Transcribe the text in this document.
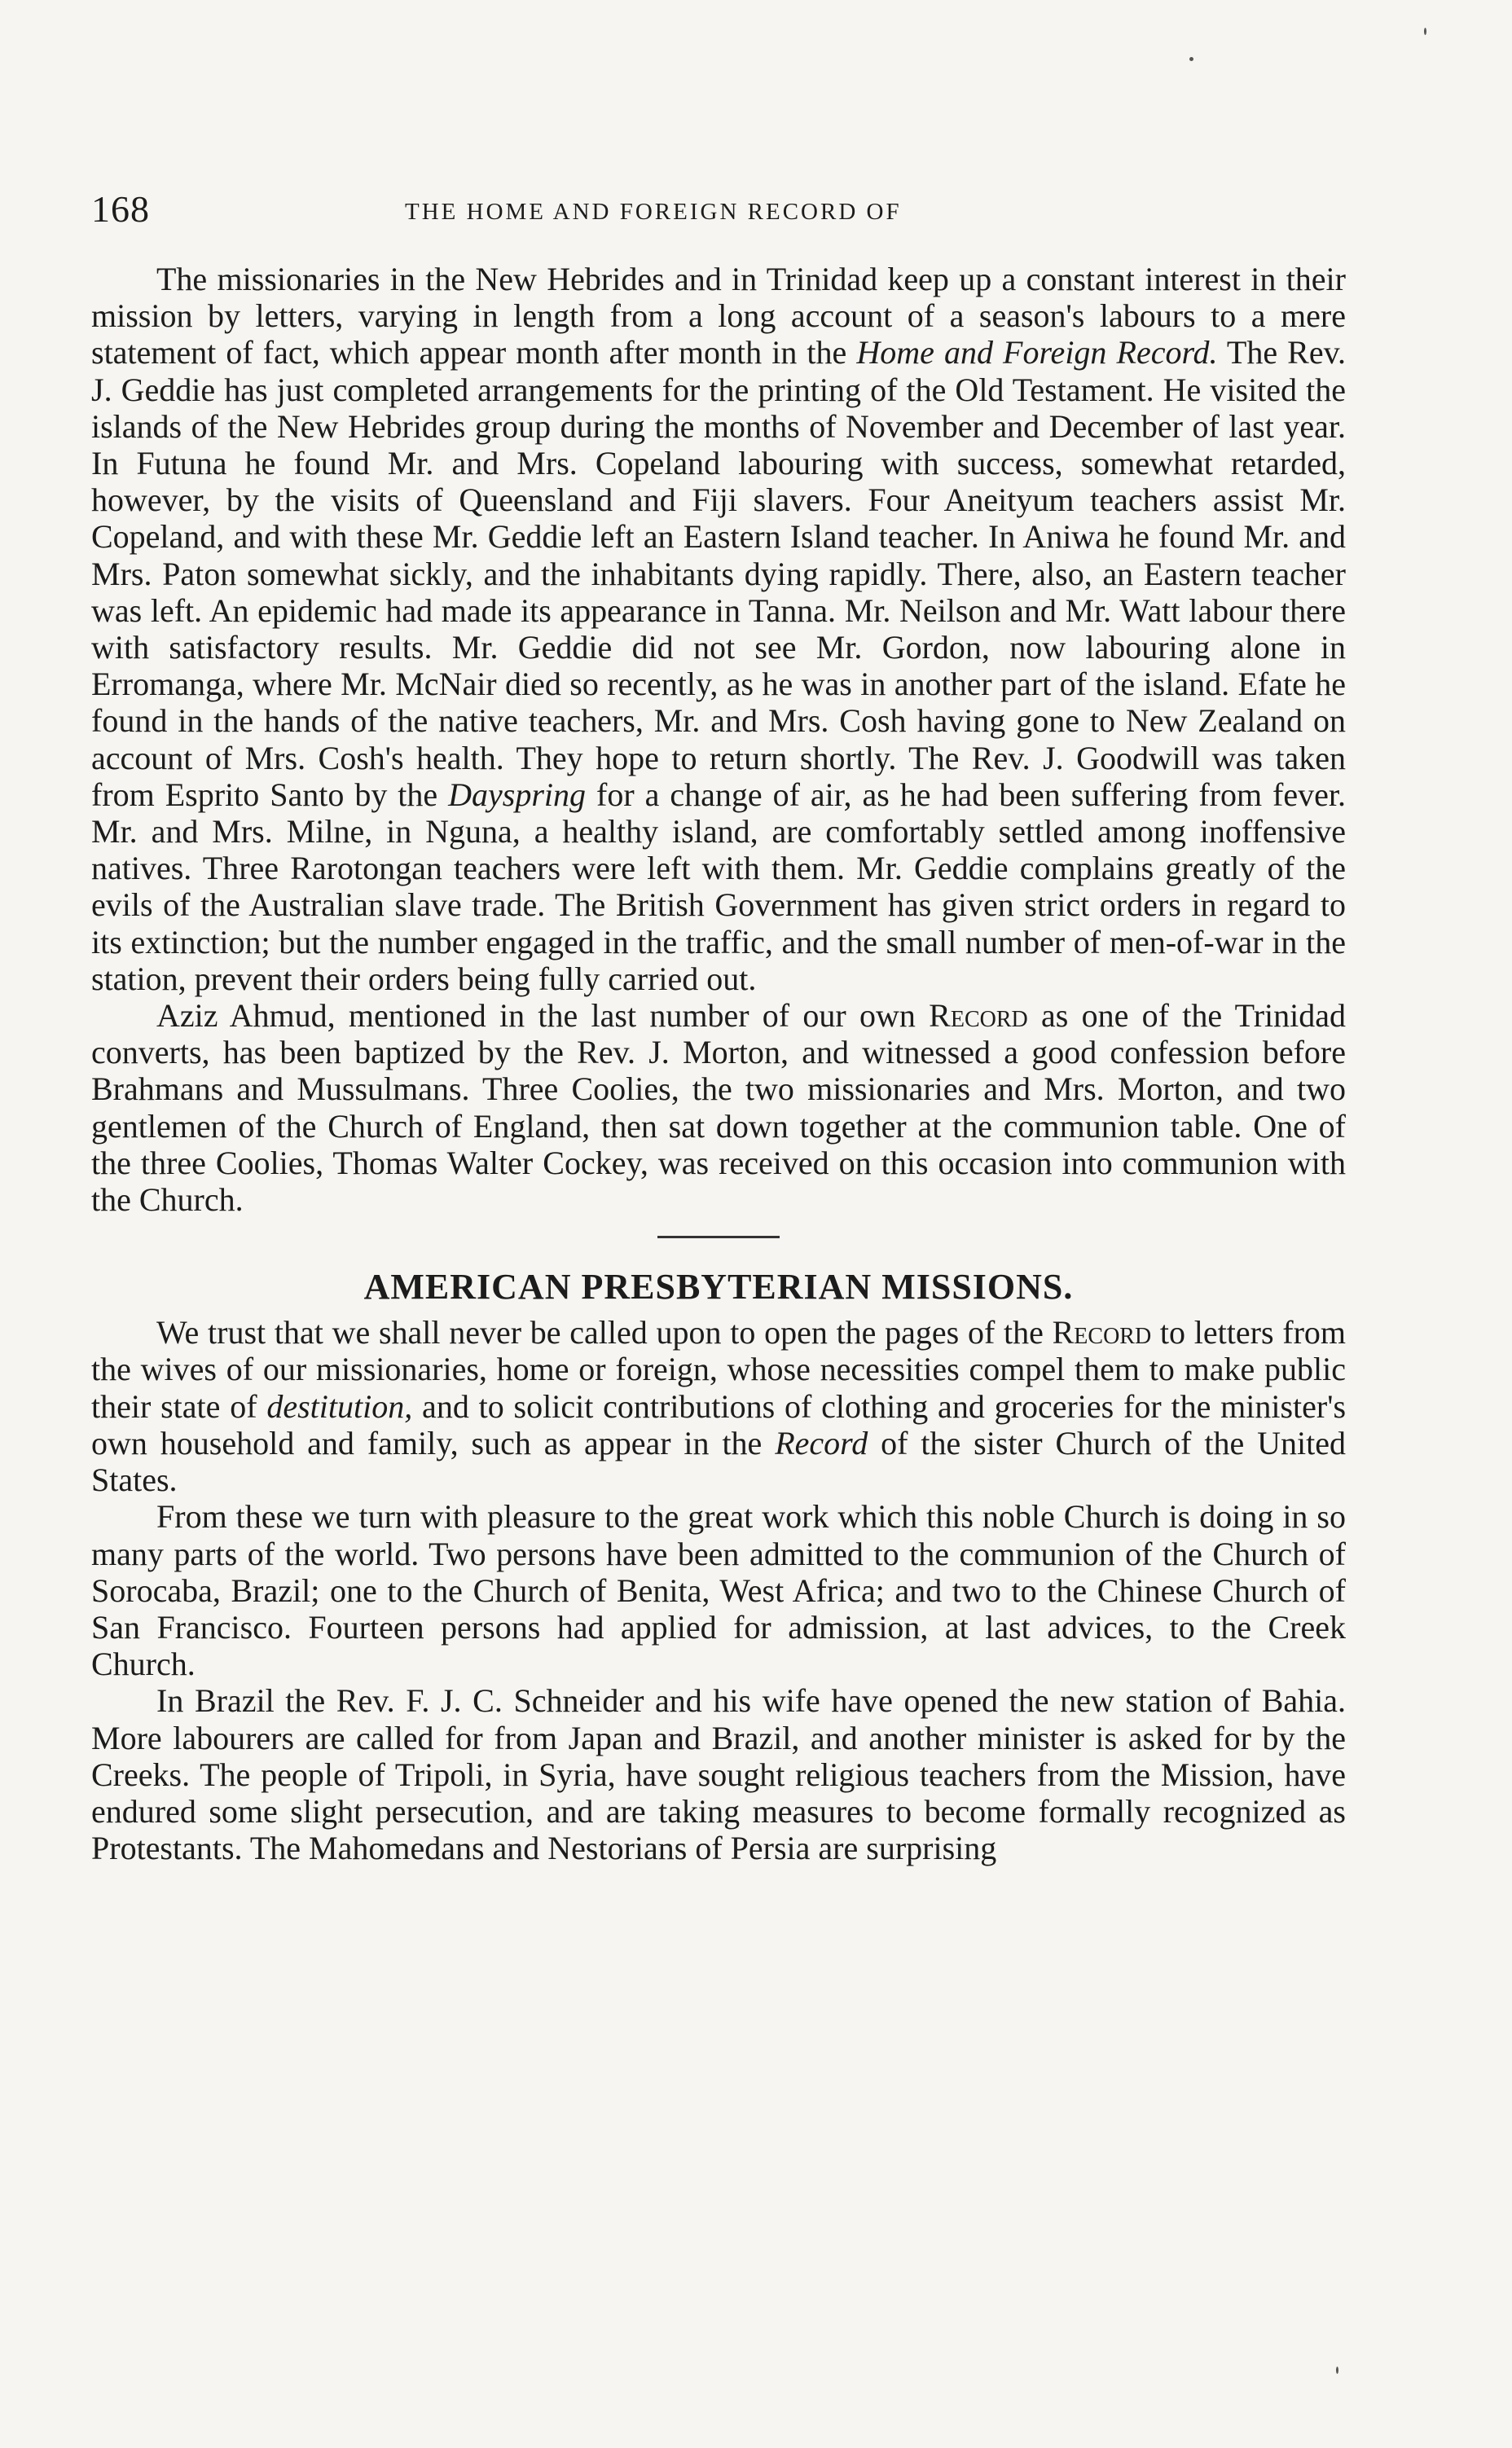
168	THE HOME AND FOREIGN RECORD OF

The missionaries in the New Hebrides and in Trinidad keep up a constant interest in their mission by letters, varying in length from a long account of a season's labours to a mere statement of fact, which appear month after month in the Home and Foreign Record. The Rev. J. Geddie has just completed arrangements for the printing of the Old Testament. He visited the islands of the New Hebrides group during the months of November and December of last year. In Futuna he found Mr. and Mrs. Copeland labouring with success, somewhat retarded, however, by the visits of Queensland and Fiji slavers. Four Aneityum teachers assist Mr. Copeland, and with these Mr. Geddie left an Eastern Island teacher. In Aniwa he found Mr. and Mrs. Paton somewhat sickly, and the inhabitants dying rapidly. There, also, an Eastern teacher was left. An epidemic had made its appearance in Tanna. Mr. Neilson and Mr. Watt labour there with satisfactory results. Mr. Geddie did not see Mr. Gordon, now labouring alone in Erromanga, where Mr. McNair died so recently, as he was in another part of the island. Efate he found in the hands of the native teachers, Mr. and Mrs. Cosh having gone to New Zealand on account of Mrs. Cosh's health. They hope to return shortly. The Rev. J. Goodwill was taken from Esprito Santo by the Dayspring for a change of air, as he had been suffering from fever. Mr. and Mrs. Milne, in Nguna, a healthy island, are comfortably settled among inoffensive natives. Three Rarotongan teachers were left with them. Mr. Geddie complains greatly of the evils of the Australian slave trade. The British Government has given strict orders in regard to its extinction; but the number engaged in the traffic, and the small number of men-of-war in the station, prevent their orders being fully carried out.

Aziz Ahmud, mentioned in the last number of our own Record as one of the Trinidad converts, has been baptized by the Rev. J. Morton, and witnessed a good confession before Brahmans and Mussulmans. Three Coolies, the two missionaries and Mrs. Morton, and two gentlemen of the Church of England, then sat down together at the communion table. One of the three Coolies, Thomas Walter Cockey, was received on this occasion into communion with the Church.

AMERICAN PRESBYTERIAN MISSIONS.

We trust that we shall never be called upon to open the pages of the Record to letters from the wives of our missionaries, home or foreign, whose necessities compel them to make public their state of destitution, and to solicit contributions of clothing and groceries for the minister's own household and family, such as appear in the Record of the sister Church of the United States.

From these we turn with pleasure to the great work which this noble Church is doing in so many parts of the world. Two persons have been admitted to the communion of the Church of Sorocaba, Brazil; one to the Church of Benita, West Africa; and two to the Chinese Church of San Francisco. Fourteen persons had applied for admission, at last advices, to the Creek Church.

In Brazil the Rev. F. J. C. Schneider and his wife have opened the new station of Bahia. More labourers are called for from Japan and Brazil, and another minister is asked for by the Creeks. The people of Tripoli, in Syria, have sought religious teachers from the Mission, have endured some slight persecution, and are taking measures to become formally recognized as Protestants. The Mahomedans and Nestorians of Persia are surprising
